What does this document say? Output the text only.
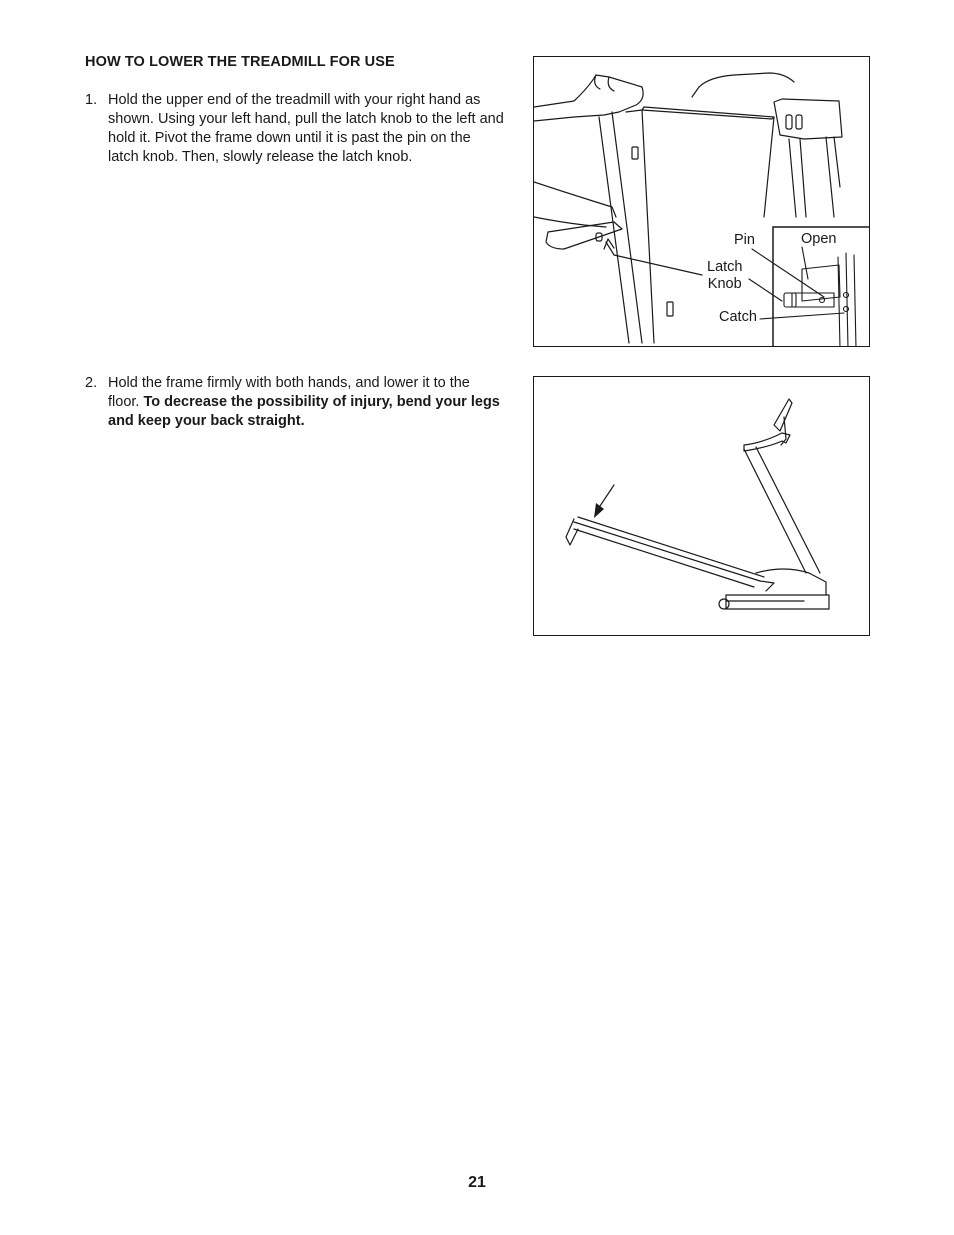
HOW TO LOWER THE TREADMILL FOR USE
1. Hold the upper end of the treadmill with your right hand as shown. Using your left hand, pull the latch knob to the left and hold it. Pivot the frame down until it is past the pin on the latch knob. Then, slowly release the latch knob.
2. Hold the frame firmly with both hands, and lower it to the floor. To decrease the possibility of injury, bend your legs and keep your back straight.
Pin	Open
Latch
Knob
Catch
21
